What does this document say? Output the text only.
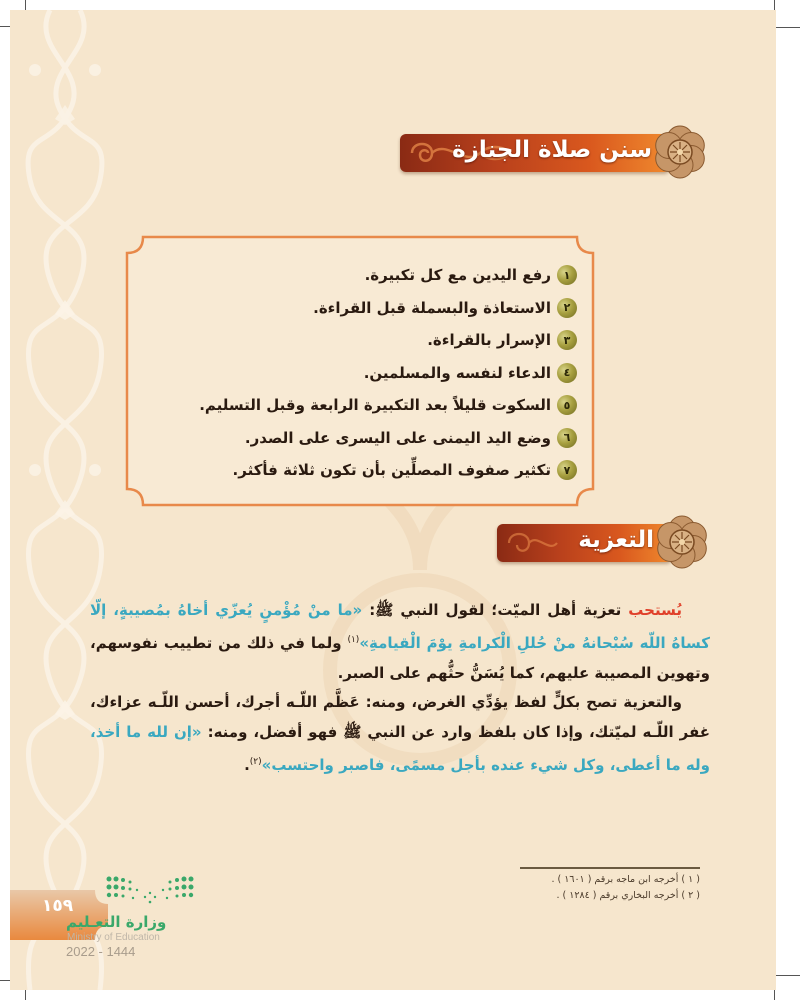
سنن صلاة الجنازة
١
رفع اليدين مع كل تكبيرة.
٢
الاستعاذة والبسملة قبل القراءة.
٣
الإسرار بالقراءة.
٤
الدعاء لنفسه والمسلمين.
٥
السكوت قليلاً بعد التكبيرة الرابعة وقبل التسليم.
٦
وضع اليد اليمنى على اليسرى على الصدر.
٧
تكثير صفوف المصلِّين بأن تكون ثلاثة فأكثر.
التعزية

يُستحب تعزية أهل الميّت؛ لقول النبي ﷺ: «ما منْ مُؤْمنٍ يُعزّي أخاهُ بمُصيبةٍ، إلّا كساهُ اللّه سُبْحانهُ منْ حُللِ الْكرامةِ يوْمَ الْقيامةِ»$^{(١)}$ ولما في ذلك من تطييب نفوسهم، وتهوين المصيبة عليهم، كما يُسَنُّ حثُّهم على الصبر.

والتعزية تصح بكلٍّ لفظ يؤدِّي الغرض، ومنه: عَظَّم اللّـه أجرك، أحسن اللّـه عزاءك، غفر اللّـه لميّتك، وإذا كان بلفظ وارد عن النبي ﷺ فهو أفضل، ومنه: «إن لله ما أخذ، وله ما أعطى، وكل شيء عنده بأجل مسمًى، فاصبر واحتسب»$^{(٢)}$.

( ١ ) أخرجه ابن ماجه برقم ( ١٦٠١ ) .
( ٢ ) أخرجه البخاري برقم ( ١٢٨٤ ) .
١٥٩
وزارة التعـليم
Ministry of Education
2022 - 1444
